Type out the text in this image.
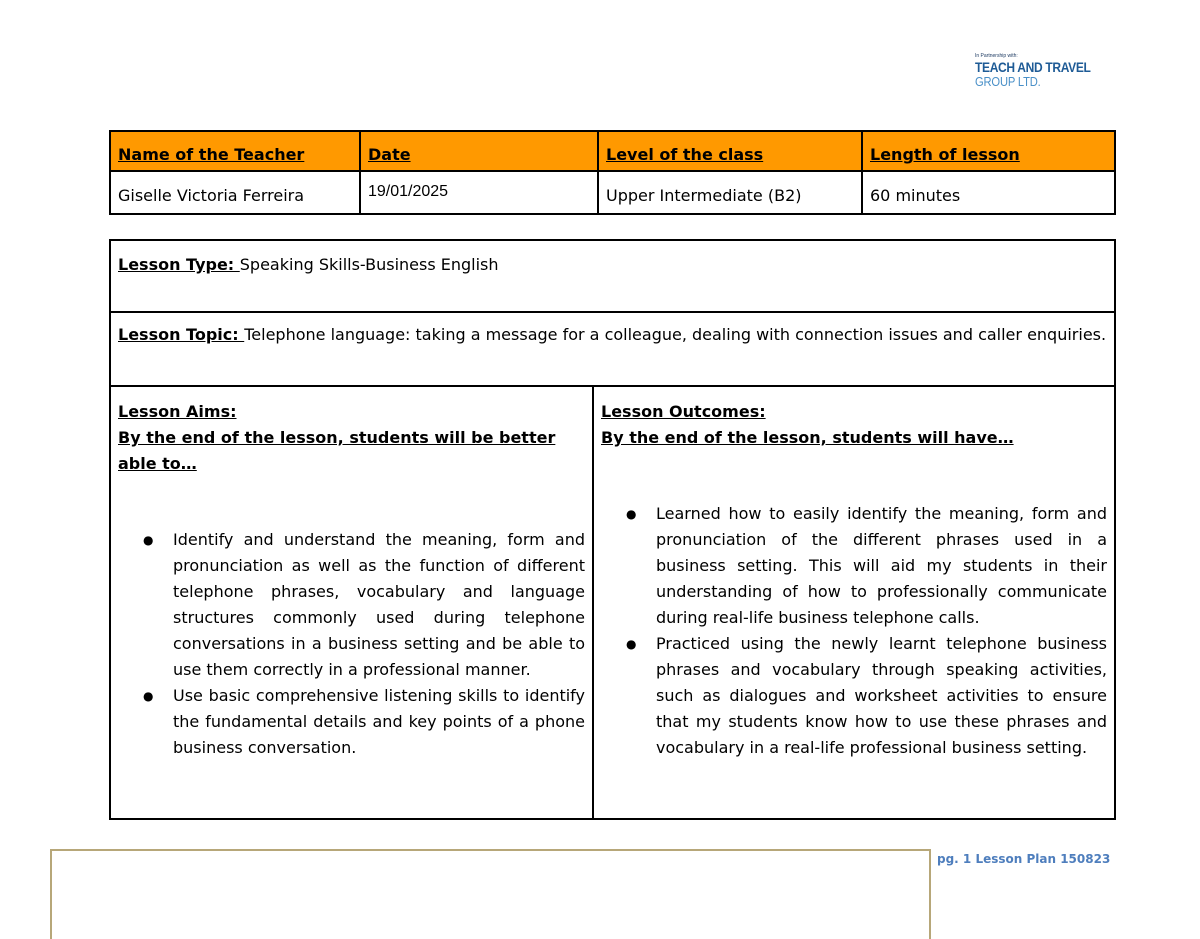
In Partnership with:
TEACH AND TRAVEL
GROUP LTD.
Name of the Teacher	Date	Level of the class	Length of lesson
Giselle Victoria Ferreira	19/01/2025	Upper Intermediate (B2)	60 minutes
Lesson Type: Speaking Skills-Business English
Lesson Topic: Telephone language: taking a message for a colleague, dealing with connection issues and caller enquiries.

Lesson Aims:
By the end of the lesson, students will be better able to…
● Identify and understand the meaning, form and pronunciation as well as the function of different telephone phrases, vocabulary and language structures commonly used during telephone conversations in a business setting and be able to use them correctly in a professional manner.
● Use basic comprehensive listening skills to identify the fundamental details and key points of a phone business conversation.

Lesson Outcomes:
By the end of the lesson, students will have…
● Learned how to easily identify the meaning, form and pronunciation of the different phrases used in a business setting. This will aid my students in their understanding of how to professionally communicate during real-life business telephone calls.
● Practiced using the newly learnt telephone business phrases and vocabulary through speaking activities, such as dialogues and worksheet activities to ensure that my students know how to use these phrases and vocabulary in a real-life professional business setting.
pg. 1 Lesson Plan 150823
